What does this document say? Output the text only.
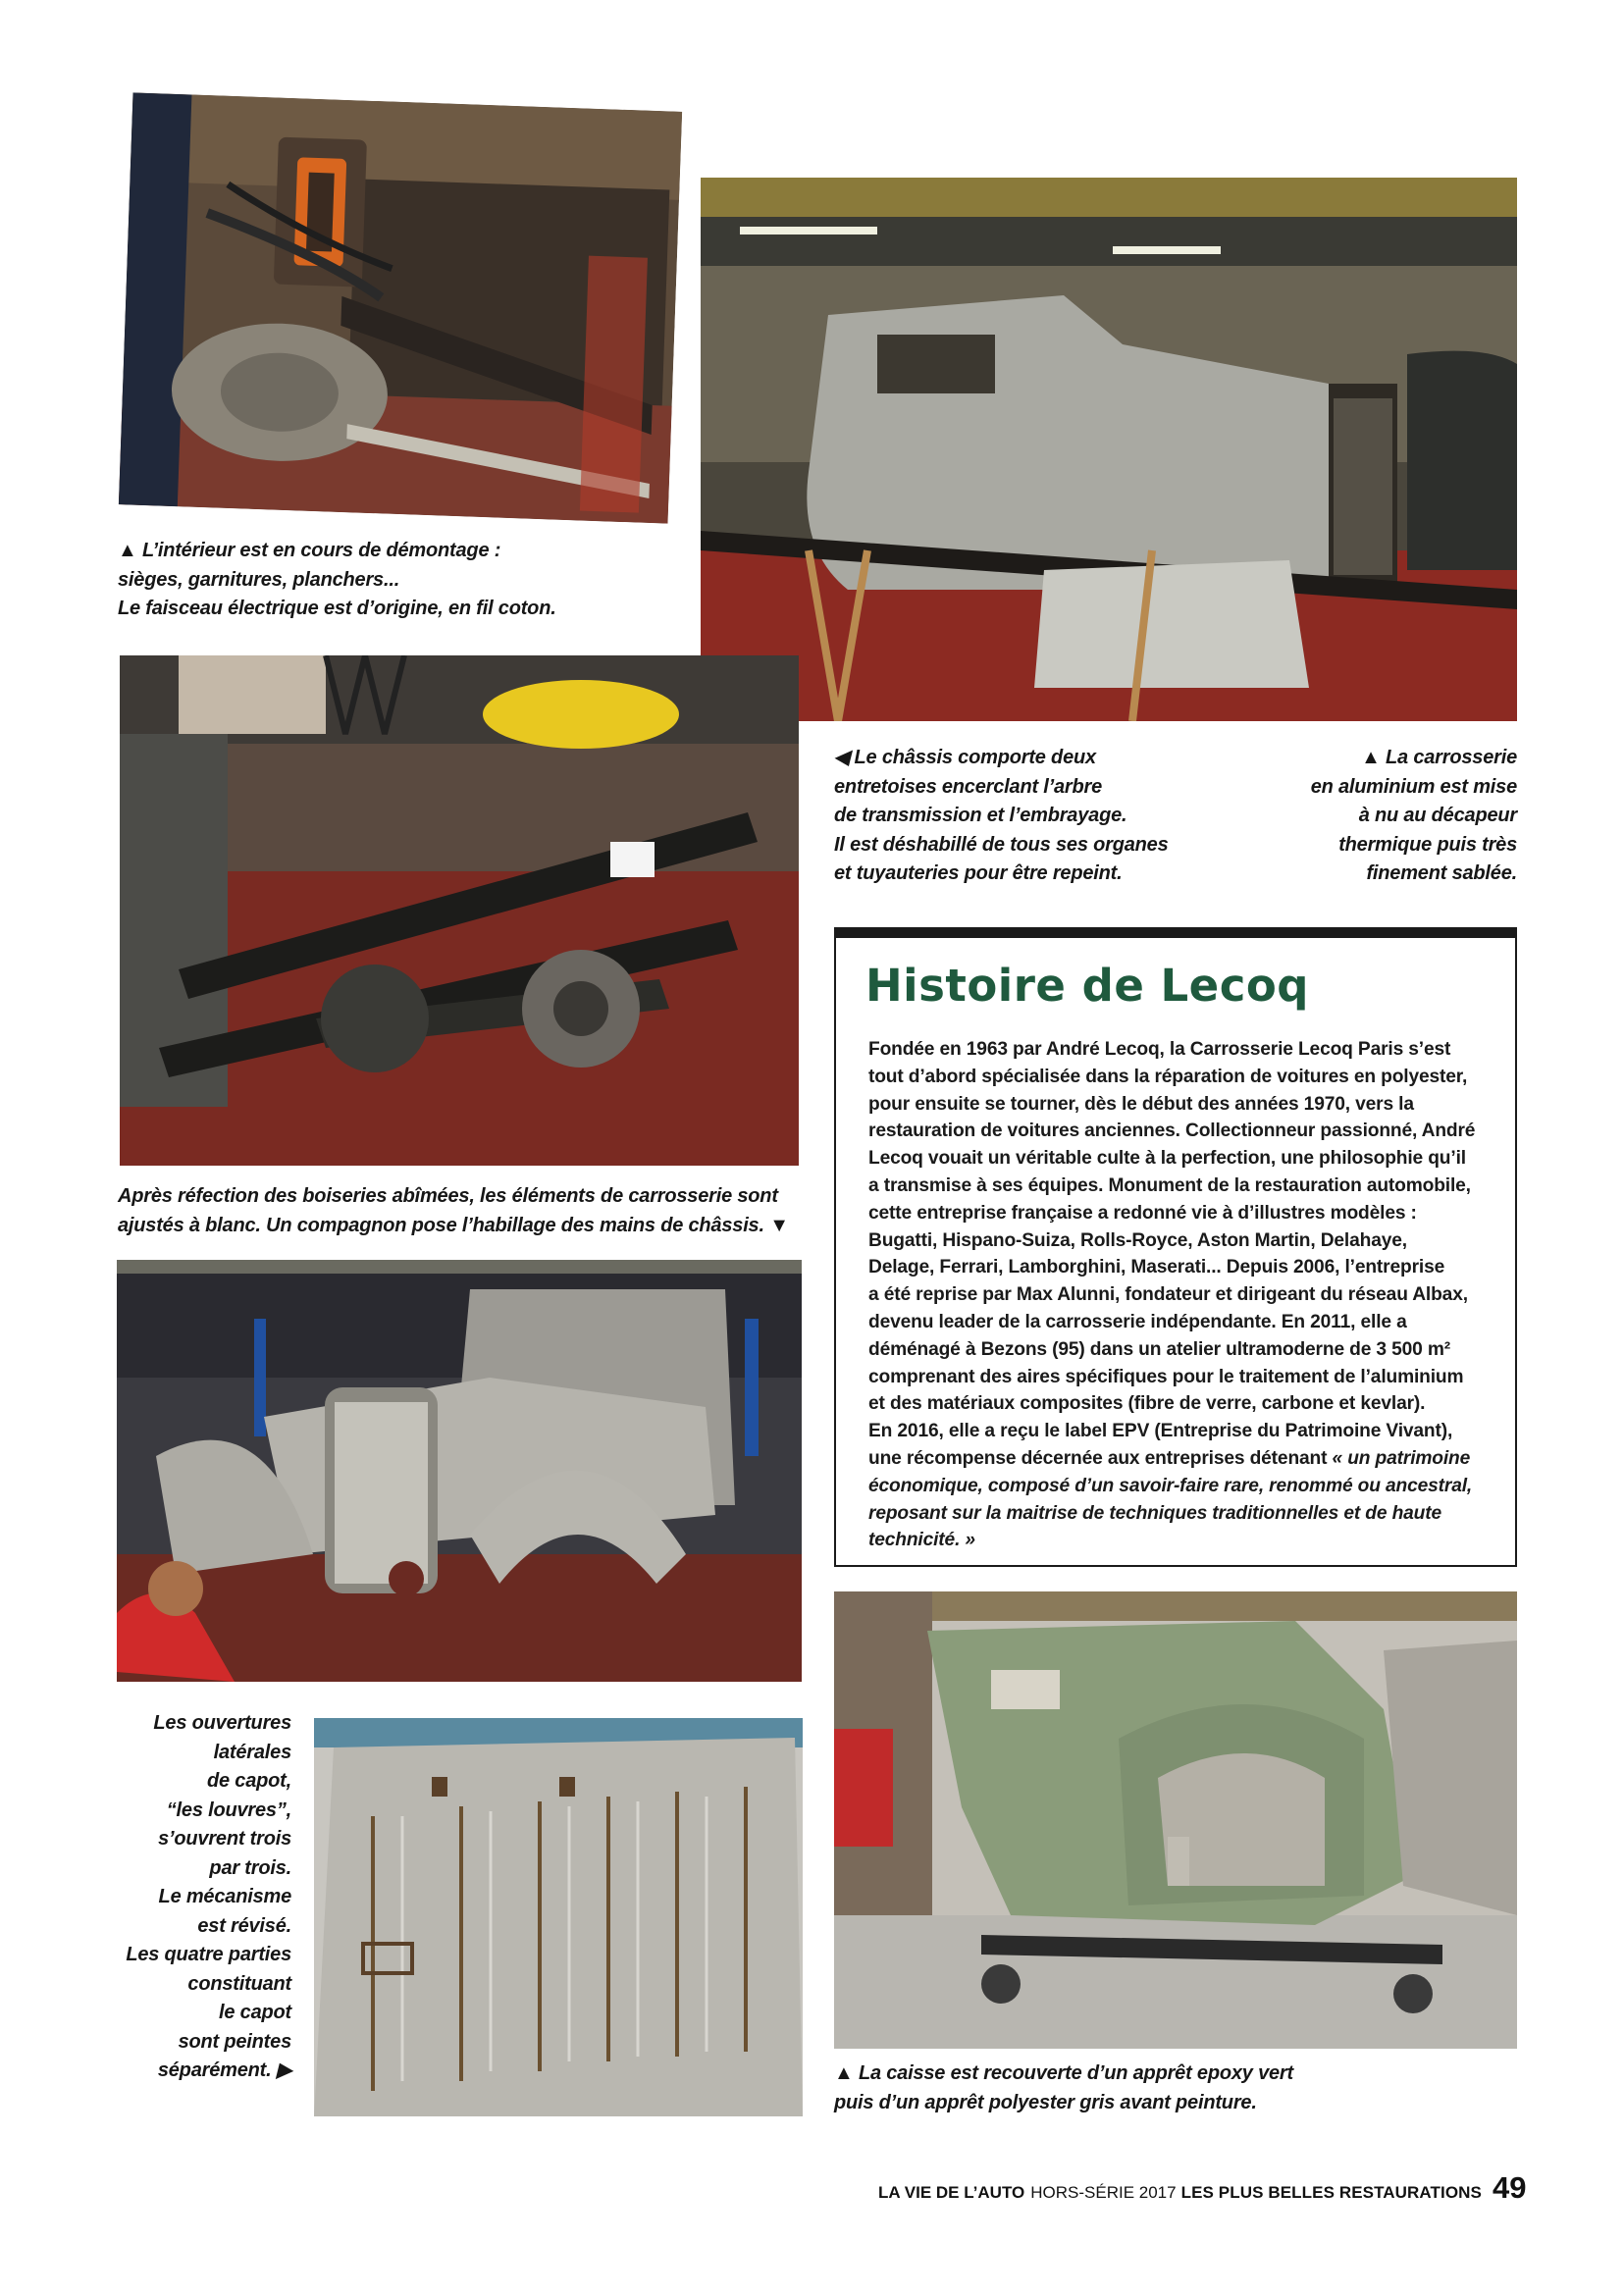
▲ L’intérieur est en cours de démontage :

sièges, garnitures, planchers...

Le faisceau électrique est d’origine, en fil coton.

◀ Le châssis comporte deux

entretoises encerclant l’arbre

de transmission et l’embrayage.

Il est déshabillé de tous ses organes

et tuyauteries pour être repeint.

▲ La carrosserie

en aluminium est mise

à nu au décapeur

thermique puis très

finement sablée.

Histoire de Lecoq

Fondée en 1963 par André Lecoq, la Carrosserie Lecoq Paris s’est

tout d’abord spécialisée dans la réparation de voitures en polyester,

pour ensuite se tourner, dès le début des années 1970, vers la

restauration de voitures anciennes. Collectionneur passionné, André

Lecoq vouait un véritable culte à la perfection, une philosophie qu’il

a transmise à ses équipes. Monument de la restauration automobile,

cette entreprise française a redonné vie à d’illustres modèles :

Bugatti, Hispano-Suiza, Rolls-Royce, Aston Martin, Delahaye,

Delage, Ferrari, Lamborghini, Maserati... Depuis 2006, l’entreprise

a été reprise par Max Alunni, fondateur et dirigeant du réseau Albax,

devenu leader de la carrosserie indépendante. En 2011, elle a

déménagé à Bezons (95) dans un atelier ultramoderne de 3 500 m²

comprenant des aires spécifiques pour le traitement de l’aluminium

et des matériaux composites (fibre de verre, carbone et kevlar).

En 2016, elle a reçu le label EPV (Entreprise du Patrimoine Vivant),

une récompense décernée aux entreprises détenant « un patrimoine

économique, composé d’un savoir-faire rare, renommé ou ancestral,

reposant sur la maitrise de techniques traditionnelles et de haute

technicité. »

Après réfection des boiseries abîmées, les éléments de carrosserie sont

ajustés à blanc. Un compagnon pose l’habillage des mains de châssis. ▼

Les ouvertures

latérales

de capot,

“les louvres”,

s’ouvrent trois

par trois.

Le mécanisme

est révisé.

Les quatre parties

constituant

le capot

sont peintes

séparément. ▶	▲ La caisse est recouverte d’un apprêt epoxy vert

puis d’un apprêt polyester gris avant peinture.

LA VIE DE L’AUTO HORS-SÉRIE 2017 LES PLUS BELLES RESTAURATIONS 49
